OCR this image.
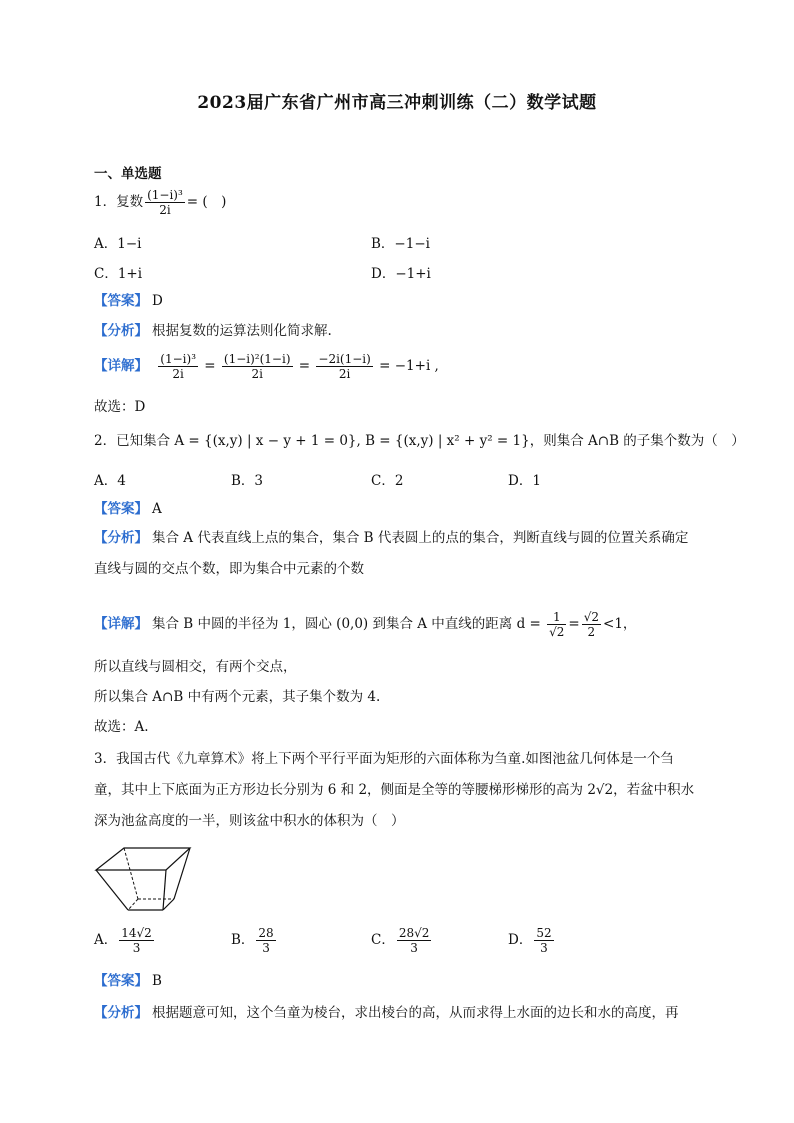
2023届广东省广州市高三冲刺训练（二）数学试题
一、单选题
1．复数 $\frac{\text{(1−i)³}}{2i}$ = (　)
A．1−i	B．−1−i
C．1+i	D．−1+i
【答案】 D
【分析】 根据复数的运算法则化简求解.
【详解】 $\frac{\text{(1−i)³}}{2i} = \frac{\text{(1−i)²(1−i)}}{2i} = \frac{-2i(1-i)}{2i} = -1+i$ ,
故选：D
2．已知集合 A = {(x,y) | x − y + 1 = 0}, B = {(x,y) | x² + y² = 1}，则集合 A∩B 的子集个数为（　）
A．4	B．3	C．2	D．1
【答案】 A
【分析】 集合 A 代表直线上点的集合，集合 B 代表圆上的点的集合，判断直线与圆的位置关系确定直线与圆的交点个数，即为集合中元素的个数
【详解】 集合 B 中圆的半径为 1，圆心 (0,0) 到集合 A 中直线的距离 $d = \frac{1}{√2} = \frac{√2}{2} <1$，
所以直线与圆相交，有两个交点，
所以集合 A∩B 中有两个元素，其子集个数为 4.
故选：A.
3．我国古代《九章算术》将上下两个平行平面为矩形的六面体称为刍童.如图池盆几何体是一个刍童，其中上下底面为正方形边长分别为 6 和 2，侧面是全等的等腰梯形梯形的高为 2√2，若盆中积水深为池盆高度的一半，则该盆中积水的体积为（　）
A． $\frac{14√2}{3}$	B． $\frac{28}{3}$	C． $\frac{28√2}{3}$	D． $\frac{52}{3}$
【答案】 B
【分析】 根据题意可知，这个刍童为棱台，求出棱台的高，从而求得上水面的边长和水的高度，再
